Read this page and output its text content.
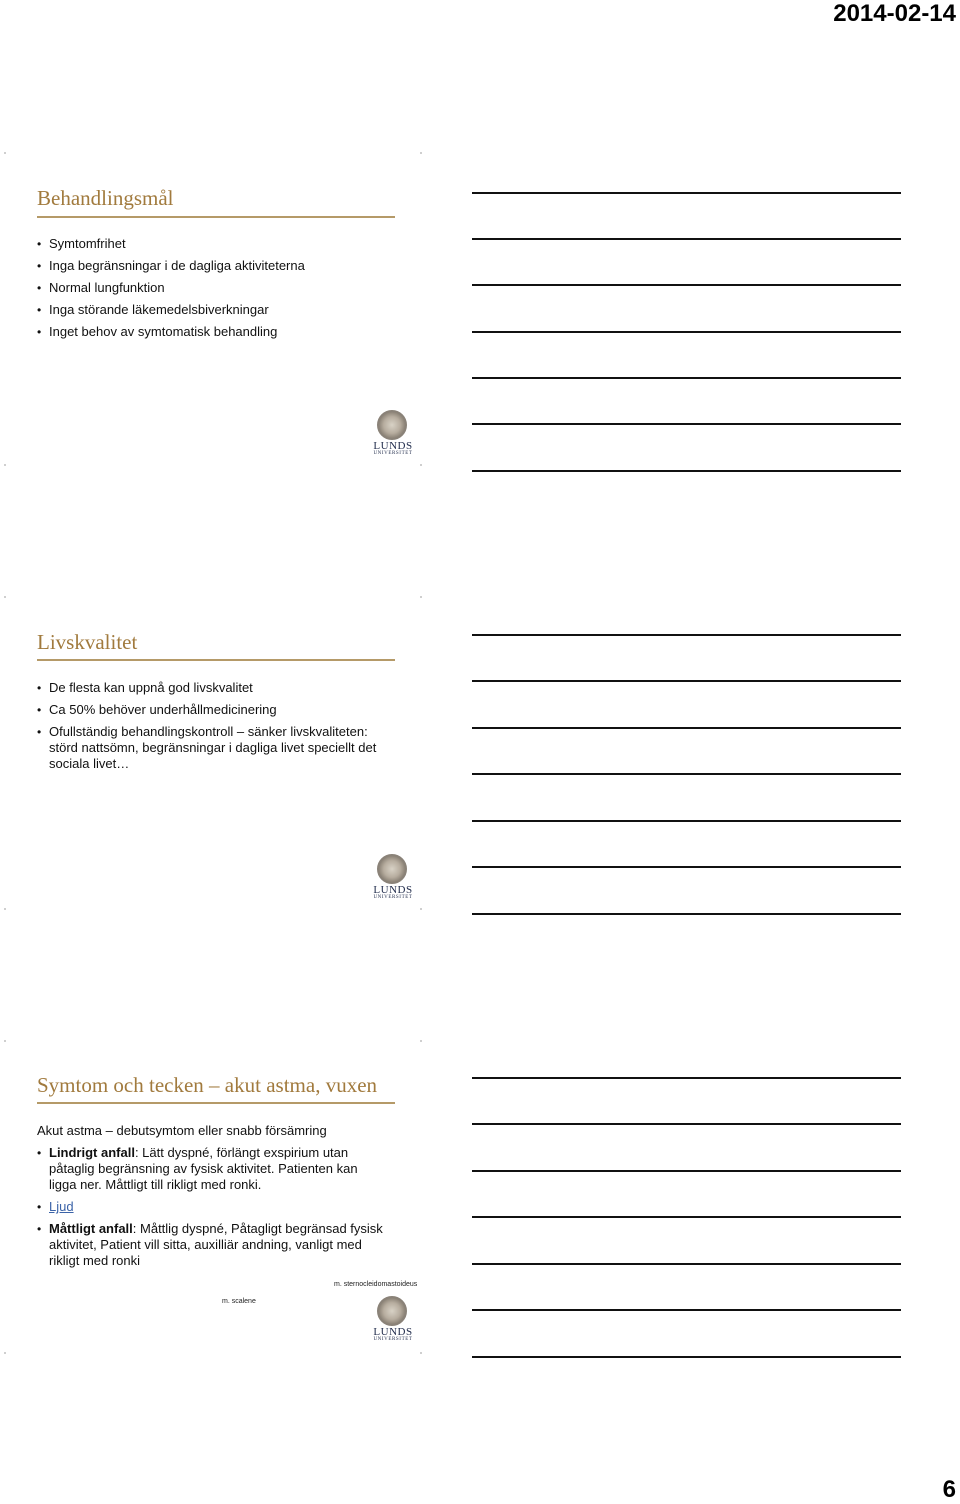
2014-02-14
Behandlingsmål
• Symtomfrihet
• Inga begränsningar i de dagliga aktiviteterna
• Normal lungfunktion
• Inga störande läkemedelsbiverkningar
• Inget behov av symtomatisk behandling
LUNDS
UNIVERSITET
Livskvalitet
• De flesta kan uppnå god livskvalitet
• Ca 50% behöver underhållmedicinering
• Ofullständig behandlingskontroll – sänker livskvaliteten: störd nattsömn, begränsningar i dagliga livet speciellt det sociala livet…
LUNDS
UNIVERSITET
Symtom och tecken – akut astma, vuxen

Akut astma – debutsymtom eller snabb försämring

• Lindrigt anfall: Lätt dyspné, förlängt exspirium utan påtaglig begränsning av fysisk aktivitet. Patienten kan ligga ner. Måttligt till rikligt med ronki.
• Ljud
• Måttligt anfall: Måttlig dyspné, Påtagligt begränsad fysisk aktivitet, Patient vill sitta, auxilliär andning, vanligt med rikligt med ronki
m. sternocleidomastoideus
m. scalene
LUNDS
UNIVERSITET
6
